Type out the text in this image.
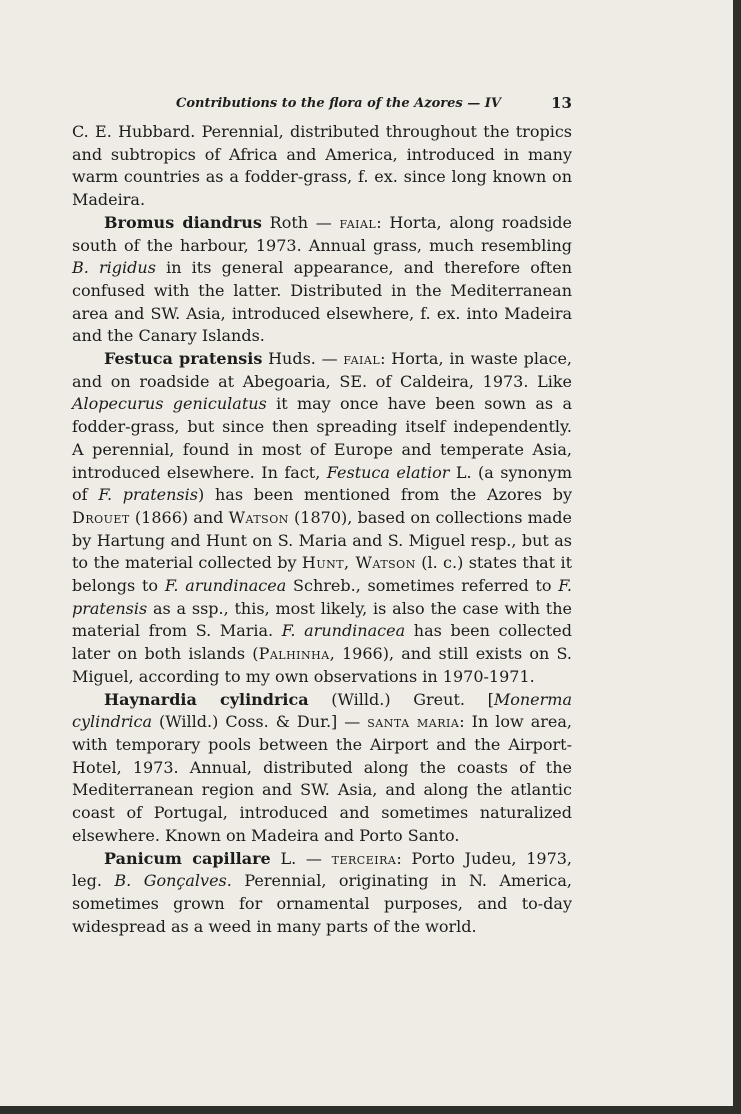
Contributions to the flora of the Azores — IV	13

C. E. Hubbard. Perennial, distributed throughout the tropics and subtropics of Africa and America, introduced in many warm countries as a fodder-grass, f. ex. since long known on Madeira.

Bromus diandrus Roth — faial: Horta, along roadside south of the harbour, 1973. Annual grass, much resembling B. rigidus in its general appearance, and therefore often confused with the latter. Distributed in the Mediterranean area and SW. Asia, introduced elsewhere, f. ex. into Madeira and the Canary Islands.

Festuca pratensis Huds. — faial: Horta, in waste place, and on roadside at Abegoaria, SE. of Caldeira, 1973. Like Alopecurus geniculatus it may once have been sown as a fodder-grass, but since then spreading itself independently. A perennial, found in most of Europe and temperate Asia, introduced elsewhere. In fact, Festuca elatior L. (a synonym of F. pratensis) has been mentioned from the Azores by Drouet (1866) and Watson (1870), based on collections made by Hartung and Hunt on S. Maria and S. Miguel resp., but as to the material collected by Hunt, Watson (l. c.) states that it belongs to F. arundinacea Schreb., sometimes referred to F. pratensis as a ssp., this, most likely, is also the case with the material from S. Maria. F. arundinacea has been collected later on both islands (Palhinha, 1966), and still exists on S. Miguel, according to my own observations in 1970-1971.

Haynardia cylindrica (Willd.) Greut. [Monerma cylindrica (Willd.) Coss. & Dur.] — santa maria: In low area, with temporary pools between the Airport and the Airport-Hotel, 1973. Annual, distributed along the coasts of the Mediterranean region and SW. Asia, and along the atlantic coast of Portugal, introduced and sometimes naturalized elsewhere. Known on Madeira and Porto Santo.

Panicum capillare L. — terceira: Porto Judeu, 1973, leg. B. Gonçalves. Perennial, originating in N. America, sometimes grown for ornamental purposes, and to-day widespread as a weed in many parts of the world.
